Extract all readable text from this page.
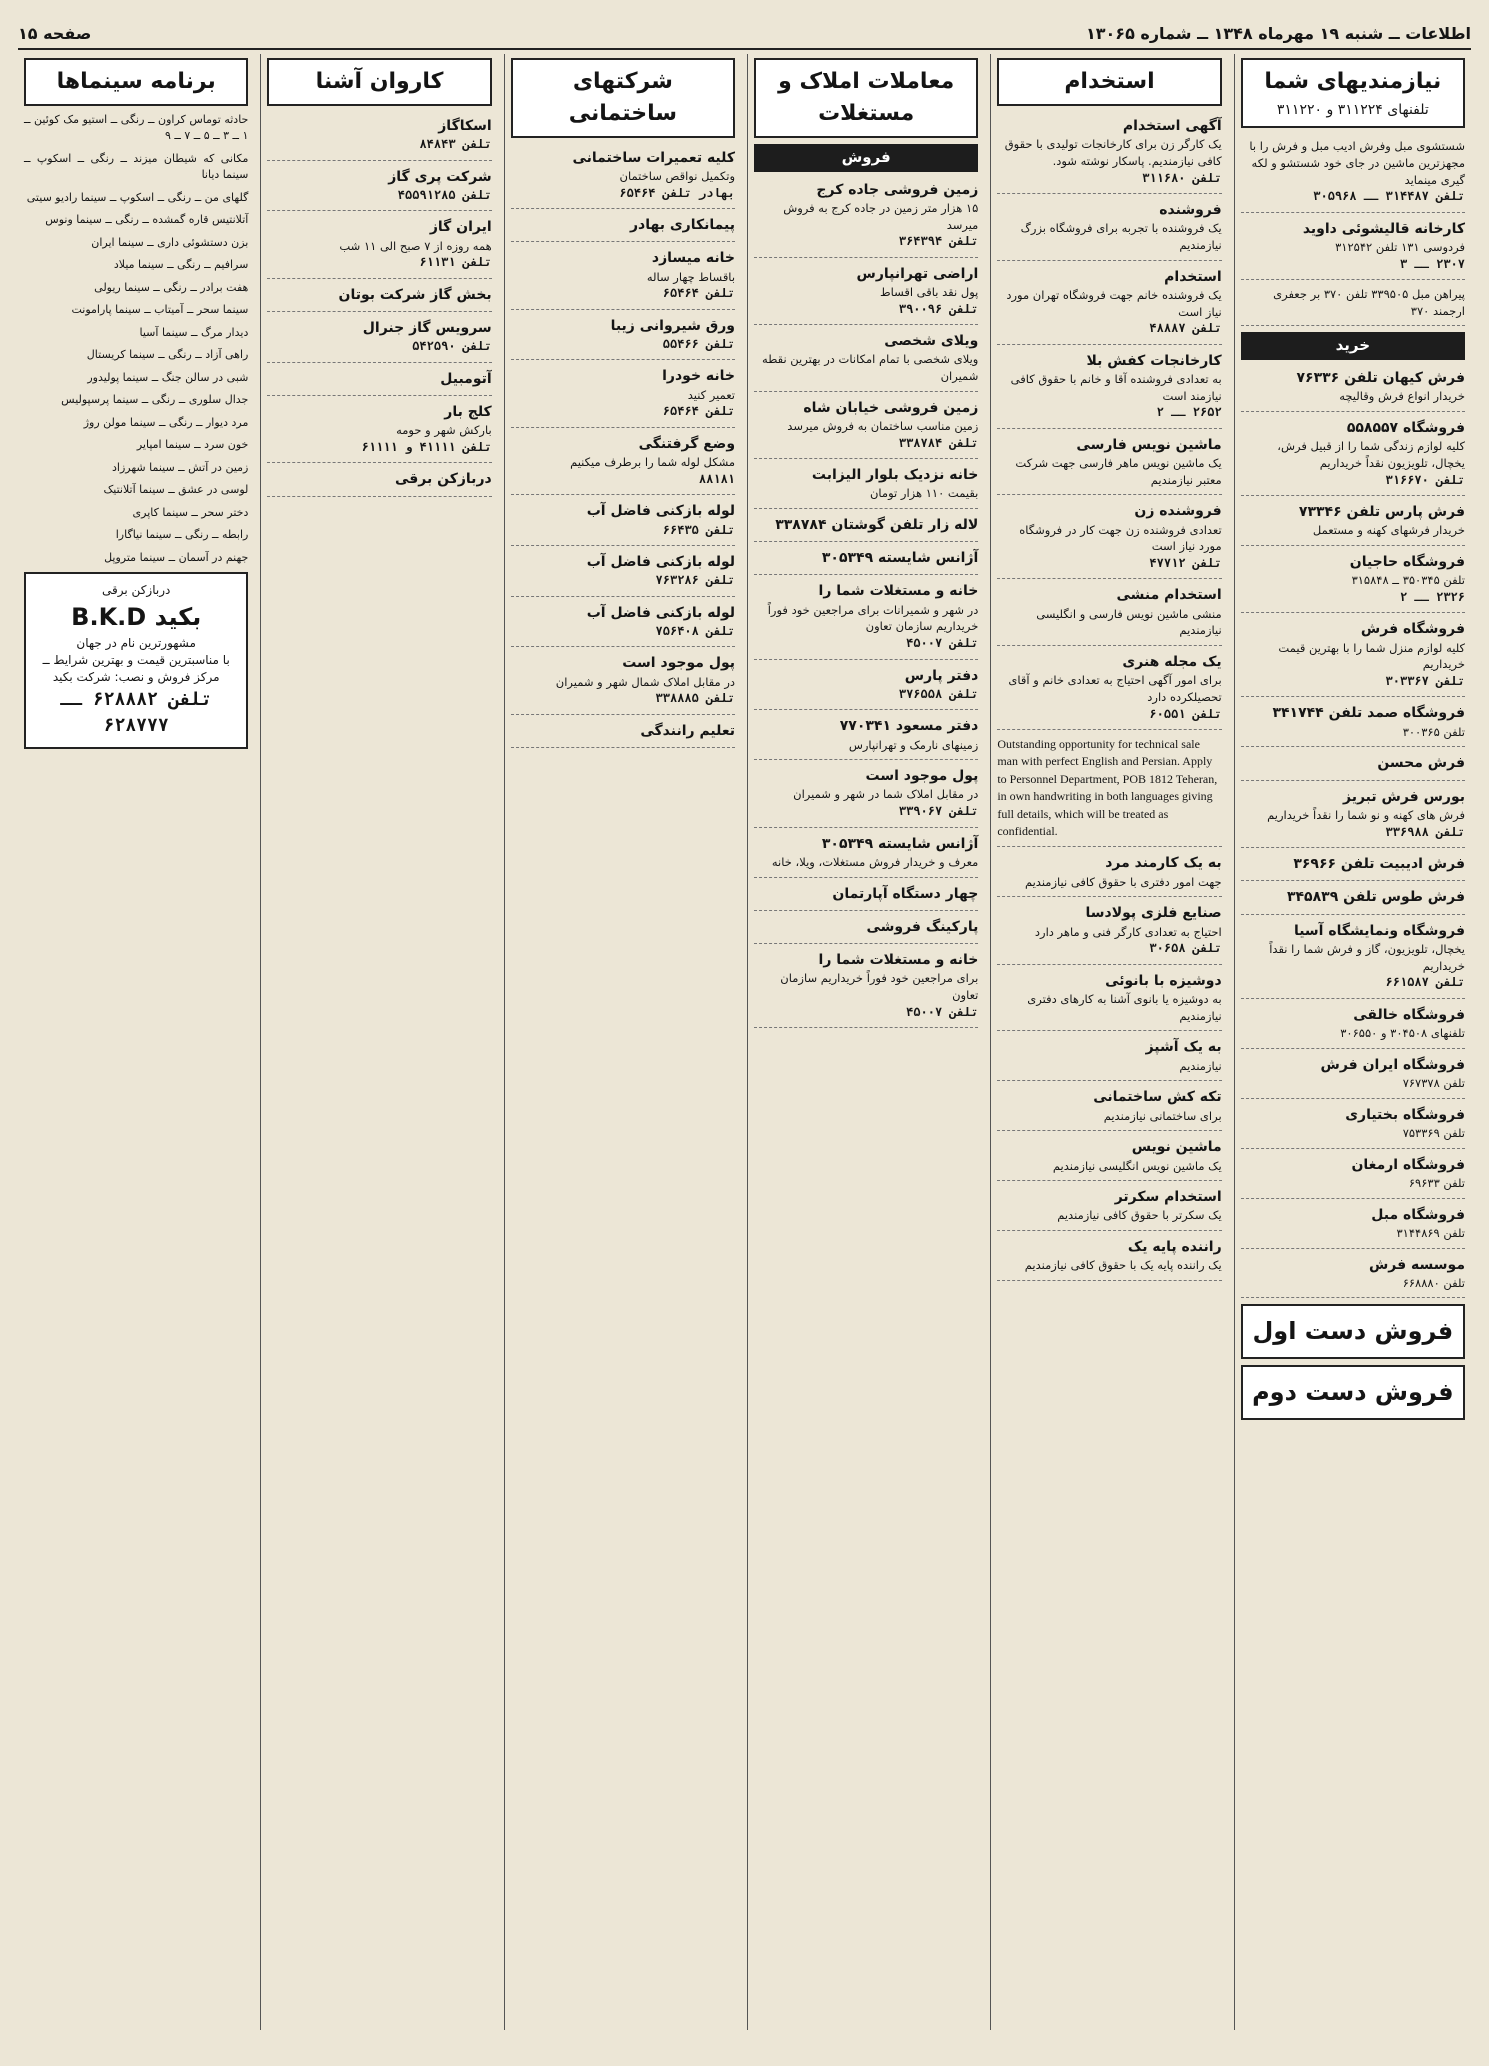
اطلاعات ــ شنبه ۱۹ مهرماه ۱۳۴۸ ــ شماره ۱۳۰۶۵
صفحه ۱۵
نیازمندیهای شما
تلفنهای ۳۱۱۲۲۴ و ۳۱۱۲۲۰
شستشوی مبل وفرش ادیب مبل و فرش را با مجهزترین ماشین در جای خود شستشو و لکه گیری مینماید
تلفن ۳۱۴۴۸۷ ــ ۳۰۵۹۶۸
کارخانه قالیشوئی داوید
فردوسی ۱۳۱ تلفن ۳۱۲۵۴۲
۲۳۰۷ ــ ۳
پیراهن مبل ۳۳۹۵۰۵ تلفن ۳۷۰ بر جعفری ارجمند ۳۷۰
خرید
فرش کیهان تلفن ۷۶۳۳۶
خریدار انواع فرش وقالیچه
فروشگاه ۵۵۸۵۵۷
کلیه لوازم زندگی شما را از قبیل فرش، یخچال، تلویزیون نقداً خریداریم
تلفن ۳۱۶۶۷۰
فرش پارس تلفن ۷۳۳۴۶
خریدار فرشهای کهنه و مستعمل
فروشگاه حاجیان
تلفن ۳۵۰۳۴۵ ــ ۳۱۵۸۴۸
۲۳۲۶ ــ ۲
فروشگاه فرش
کلیه لوازم منزل شما را با بهترین قیمت خریداریم
تلفن ۳۰۳۳۶۷
فروشگاه صمد تلفن ۳۴۱۷۴۴
تلفن ۳۰۰۳۶۵
فرش محسن
بورس فرش تبریز
فرش های کهنه و نو شما را نقداً خریداریم
تلفن ۳۳۶۹۸۸
فرش ادیبیت تلفن ۳۶۹۶۶
فرش طوس تلفن ۳۴۵۸۳۹
فروشگاه ونمایشگاه آسیا
یخچال، تلویزیون، گاز و فرش شما را نقداً خریداریم
تلفن ۶۶۱۵۸۷
فروشگاه خالقی
تلفنهای ۳۰۴۵۰۸ و ۳۰۶۵۵۰
فروشگاه ایران فرش
تلفن ۷۶۷۳۷۸
فروشگاه بختیاری
تلفن ۷۵۳۳۶۹
فروشگاه ارمغان
تلفن ۶۹۶۳۳
فروشگاه مبل
تلفن ۳۱۴۴۸۶۹
موسسه فرش
تلفن ۶۶۸۸۸۰
فروش دست اول
فروش دست دوم
استخدام
آگهی استخدام
یک کارگر زن برای کارخانجات تولیدی با حقوق کافی نیازمندیم. پاسکار نوشته شود.
تلفن ۳۱۱۶۸۰
فروشنده
یک فروشنده با تجربه برای فروشگاه بزرگ نیازمندیم
استخدام
یک فروشنده خانم جهت فروشگاه تهران مورد نیاز است
تلفن ۴۸۸۸۷
کارخانجات کفش بلا
به تعدادی فروشنده آقا و خانم با حقوق کافی نیازمند است
۲۶۵۲ ــ ۲
ماشین نویس فارسی
یک ماشین نویس ماهر فارسی جهت شرکت معتبر نیازمندیم
فروشنده زن
تعدادی فروشنده زن جهت کار در فروشگاه مورد نیاز است
تلفن ۴۷۷۱۲
استخدام منشی
منشی ماشین نویس فارسی و انگلیسی نیازمندیم
یک مجله هنری
برای امور آگهی احتیاج به تعدادی خانم و آقای تحصیلکرده دارد
تلفن ۶۰۵۵۱
Outstanding opportunity for technical sale man with perfect English and Persian. Apply to Personnel Department, POB 1812 Teheran, in own handwriting in both languages giving full details, which will be treated as confidential.
به یک کارمند مرد
جهت امور دفتری با حقوق کافی نیازمندیم
صنایع فلزی پولادسا
احتیاج به تعدادی کارگر فنی و ماهر دارد
تلفن ۳۰۶۵۸
دوشیزه با بانوئی
به دوشیزه یا بانوی آشنا به کارهای دفتری نیازمندیم
به یک آشپز
نیازمندیم
تکه کش ساختمانی
برای ساختمانی نیازمندیم
ماشین نویس
یک ماشین نویس انگلیسی نیازمندیم
استخدام سکرتر
یک سکرتر با حقوق کافی نیازمندیم
راننده پایه یک
یک راننده پایه یک با حقوق کافی نیازمندیم
معاملات املاک و مستغلات
فروش
زمین فروشی جاده کرج
۱۵ هزار متر زمین در جاده کرج به فروش میرسد
تلفن ۳۶۴۳۹۴
اراضی تهرانپارس
پول نقد باقی اقساط
تلفن ۳۹۰۰۹۶
ویلای شخصی
ویلای شخصی با تمام امکانات در بهترین نقطه شمیران
زمین فروشی خیابان شاه
زمین مناسب ساختمان به فروش میرسد
تلفن ۳۳۸۷۸۴
خانه نزدیک بلوار الیزابت
بقیمت ۱۱۰ هزار تومان
لاله زار تلفن گوشتان ۳۳۸۷۸۴
آژانس شایسته ۳۰۵۳۴۹
خانه و مستغلات شما را
در شهر و شمیرانات برای مراجعین خود فوراً خریداریم سازمان تعاون
تلفن ۴۵۰۰۷
دفتر پارس
تلفن ۳۷۶۵۵۸
دفتر مسعود ۷۷۰۳۴۱
زمینهای نارمک و تهرانپارس
پول موجود است
در مقابل املاک شما در شهر و شمیران
تلفن ۳۳۹۰۶۷
آژانس شایسته ۳۰۵۳۴۹
معرف و خریدار فروش مستغلات، ویلا، خانه
چهار دستگاه آپارتمان
پارکینگ فروشی
خانه و مستغلات شما را
برای مراجعین خود فوراً خریداریم سازمان تعاون
تلفن ۴۵۰۰۷
شرکتهای ساختمانی
کلیه تعمیرات ساختمانی
وتکمیل نواقص ساختمان
بهادر تلفن ۶۵۴۶۴
پیمانکاری بهادر
خانه میسازد
باقساط چهار ساله
تلفن ۶۵۴۶۴
ورق شیروانی زیبا
تلفن ۵۵۴۶۶
خانه خودرا
تعمیر کنید
تلفن ۶۵۴۶۴
وضع گرفتنگی
مشکل لوله شما را برطرف میکنیم
۸۸۱۸۱
لوله بازکنی فاضل آب
تلفن ۶۶۴۳۵
لوله بازکنی فاضل آب
تلفن ۷۶۳۲۸۶
لوله بازکنی فاضل آب
تلفن ۷۵۶۴۰۸
پول موجود است
در مقابل املاک شمال شهر و شمیران
تلفن ۳۳۸۸۸۵
تعلیم رانندگی
کاروان آشنا
اسکاگاز
تلفن ۸۴۸۴۳
شرکت پری گاز
تلفن ۴۵۵۹۱۲۸۵
ایران گاز
همه روزه از ۷ صبح الی ۱۱ شب
تلفن ۶۱۱۳۱
بخش گاز شرکت بوتان
سرویس گاز جنرال
تلفن ۵۴۲۵۹۰
آتومبیل
کلج بار
بارکش شهر و حومه
تلفن ۴۱۱۱۱ و ۶۱۱۱۱
دربازکن برقی
برنامه سینماها

حادثه توماس کراون ــ رنگی ــ استیو مک کوئین ــ ۱ ــ ۳ ــ ۵ ــ ۷ ــ ۹

مکانی که شیطان میزند ــ رنگی ــ اسکوپ ــ سینما دیانا

گلهای من ــ رنگی ــ اسکوپ ــ سینما رادیو سیتی

آتلانتیس قاره گمشده ــ رنگی ــ سینما ونوس

بزن دستشوئی داری ــ سینما ایران

سرافیم ــ رنگی ــ سینما میلاد

هفت برادر ــ رنگی ــ سینما ریولی

سینما سحر ــ آمیتاب ــ سینما پارامونت

دیدار مرگ ــ سینما آسیا

راهی آزاد ــ رنگی ــ سینما کریستال

شبی در سالن جنگ ــ سینما پولیدور

جدال سلوری ــ رنگی ــ سینما پرسپولیس

مرد دیوار ــ رنگی ــ سینما مولن روژ

خون سرد ــ سینما امپایر

زمین در آتش ــ سینما شهرزاد

لوسی در عشق ــ سینما آتلانتیک

دختر سحر ــ سینما کاپری

رابطه ــ رنگی ــ سینما نیاگارا

جهنم در آسمان ــ سینما متروپل

دربازکن برقی
بکید B.K.D
مشهورترین نام در جهان
با مناسبترین قیمت و بهترین شرایط ــ مرکز فروش و نصب: شرکت بکید
تلفن ۶۲۸۸۸۲ ــ ۶۲۸۷۷۷
